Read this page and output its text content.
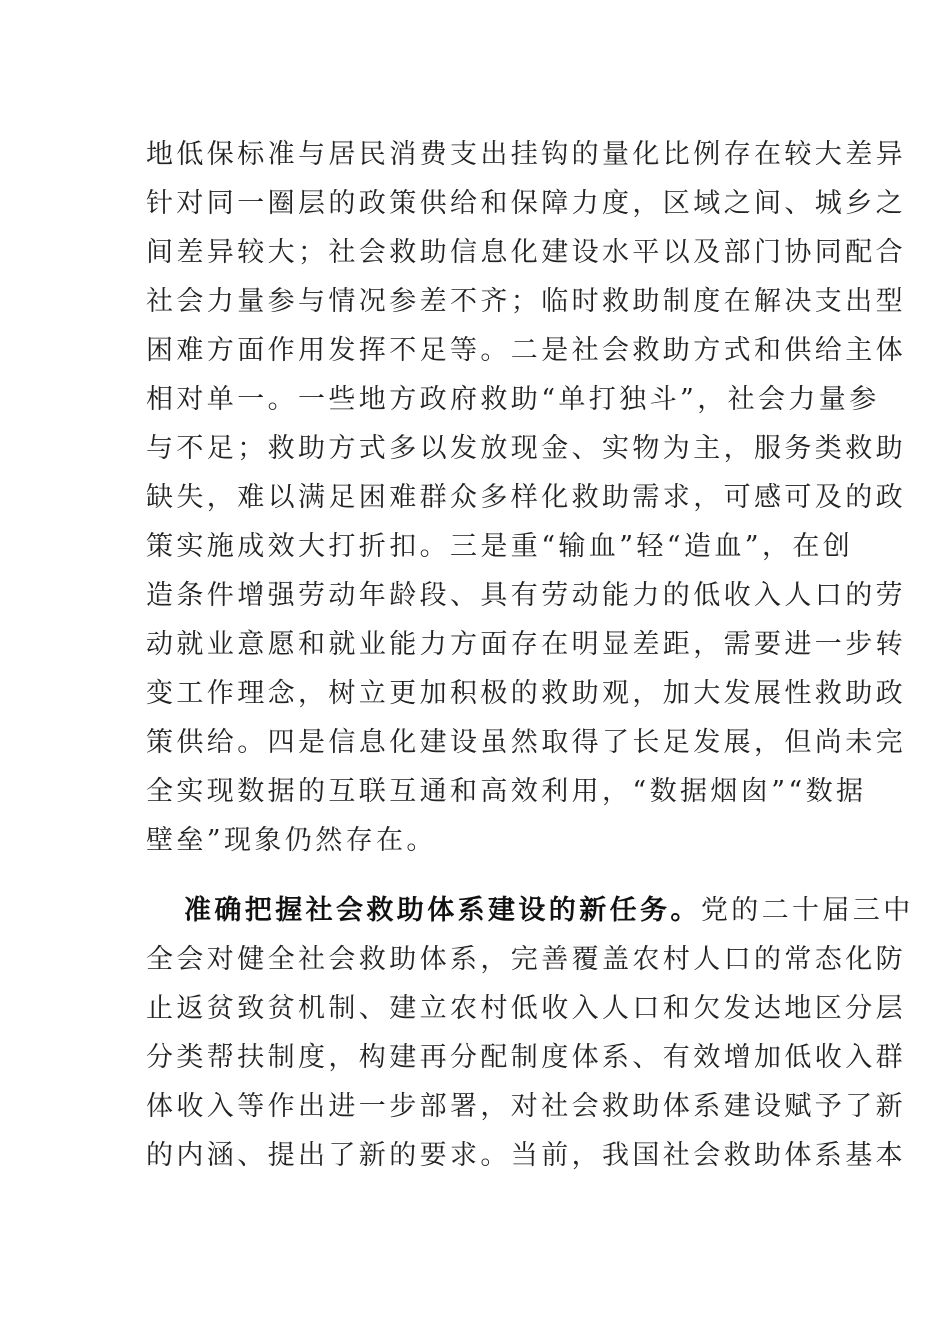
地低保标准与居民消费支出挂钩的量化比例存在较大差异
针对同一圈层的政策供给和保障力度，区域之间、城乡之
间差异较大；社会救助信息化建设水平以及部门协同配合
社会力量参与情况参差不齐；临时救助制度在解决支出型
困难方面作用发挥不足等。二是社会救助方式和供给主体
相对单一。一些地方政府救助“单打独斗”，社会力量参
与不足；救助方式多以发放现金、实物为主，服务类救助
缺失，难以满足困难群众多样化救助需求，可感可及的政
策实施成效大打折扣。三是重“输血”轻“造血”，在创
造条件增强劳动年龄段、具有劳动能力的低收入人口的劳
动就业意愿和就业能力方面存在明显差距，需要进一步转
变工作理念，树立更加积极的救助观，加大发展性救助政
策供给。四是信息化建设虽然取得了长足发展，但尚未完
全实现数据的互联互通和高效利用，“数据烟囱”“数据
壁垒”现象仍然存在。
准确把握社会救助体系建设的新任务。党的二十届三中
全会对健全社会救助体系，完善覆盖农村人口的常态化防
止返贫致贫机制、建立农村低收入人口和欠发达地区分层
分类帮扶制度，构建再分配制度体系、有效增加低收入群
体收入等作出进一步部署，对社会救助体系建设赋予了新
的内涵、提出了新的要求。当前，我国社会救助体系基本
